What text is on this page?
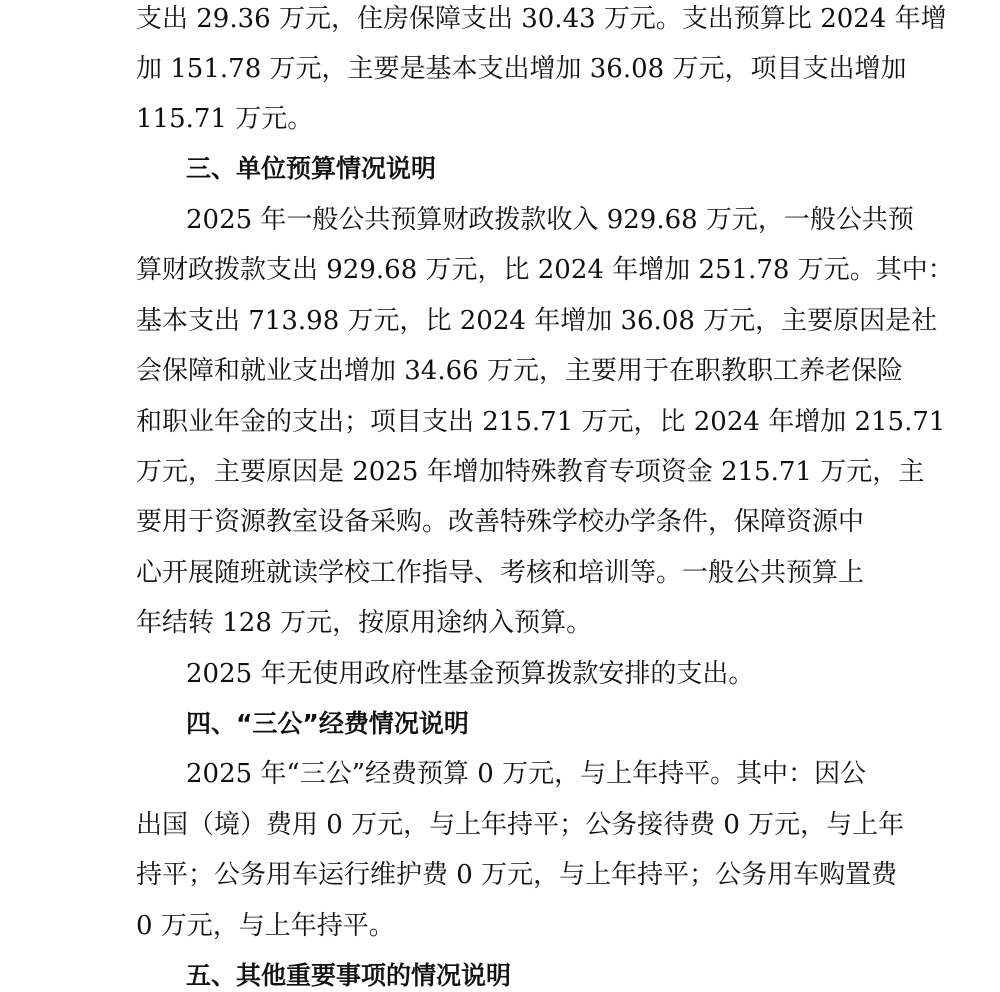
支出 29.36 万元，住房保障支出 30.43 万元。支出预算比 2024 年增
加 151.78 万元，主要是基本支出增加 36.08 万元，项目支出增加
115.71 万元。
三、单位预算情况说明
2025 年一般公共预算财政拨款收入 929.68 万元，一般公共预
算财政拨款支出 929.68 万元，比 2024 年增加 251.78 万元。其中：
基本支出 713.98 万元，比 2024 年增加 36.08 万元，主要原因是社
会保障和就业支出增加 34.66 万元，主要用于在职教职工养老保险
和职业年金的支出；项目支出 215.71 万元，比 2024 年增加 215.71
万元，主要原因是 2025 年增加特殊教育专项资金 215.71 万元，主
要用于资源教室设备采购。改善特殊学校办学条件，保障资源中
心开展随班就读学校工作指导、考核和培训等。一般公共预算上
年结转 128 万元，按原用途纳入预算。
2025 年无使用政府性基金预算拨款安排的支出。
四、“三公”经费情况说明
2025 年“三公”经费预算 0 万元，与上年持平。其中：因公
出国（境）费用 0 万元，与上年持平；公务接待费 0 万元，与上年
持平；公务用车运行维护费 0 万元，与上年持平；公务用车购置费
0 万元，与上年持平。
五、其他重要事项的情况说明
